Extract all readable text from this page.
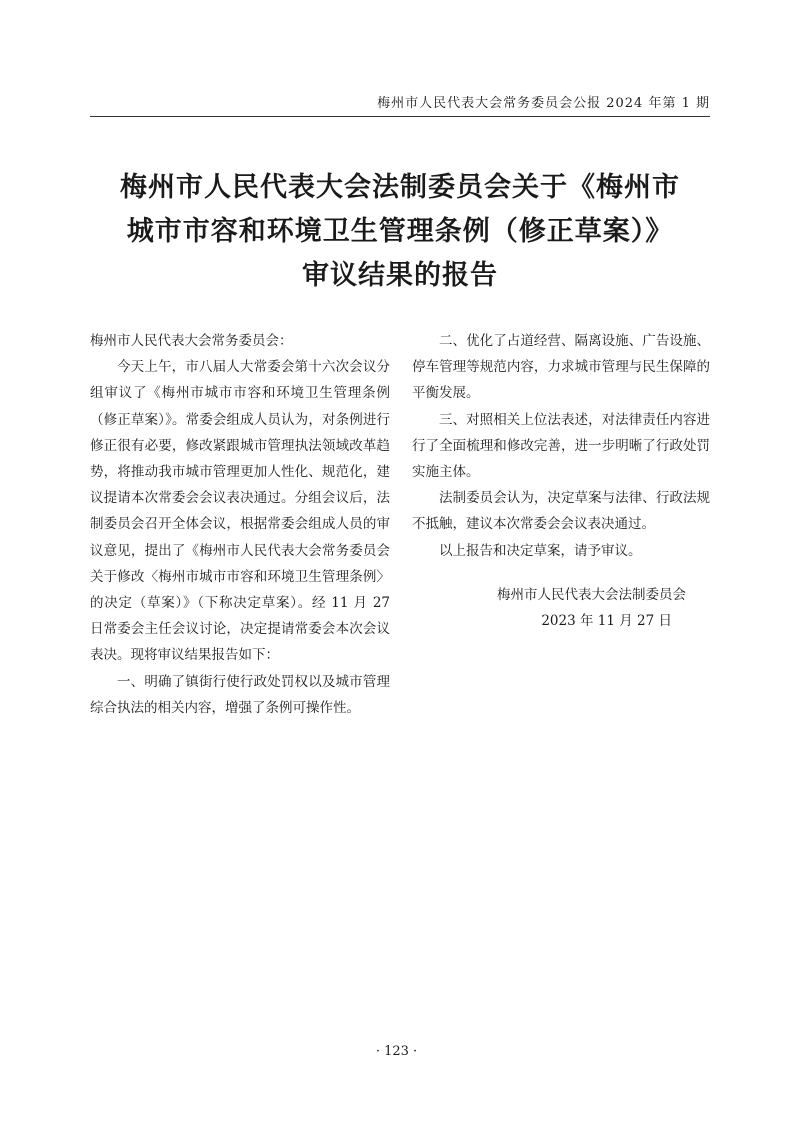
梅州市人民代表大会常务委员会公报 2024 年第 1 期
梅州市人民代表大会法制委员会关于《梅州市
城市市容和环境卫生管理条例（修正草案）》
审议结果的报告

梅州市人民代表大会常务委员会：

今天上午，市八届人大常委会第十六次会议分组审议了《梅州市城市市容和环境卫生管理条例（修正草案）》。常委会组成人员认为，对条例进行修正很有必要，修改紧跟城市管理执法领域改革趋势，将推动我市城市管理更加人性化、规范化，建议提请本次常委会会议表决通过。分组会议后，法制委员会召开全体会议，根据常委会组成人员的审议意见，提出了《梅州市人民代表大会常务委员会关于修改〈梅州市城市市容和环境卫生管理条例〉的决定（草案）》（下称决定草案）。经 11 月 27 日常委会主任会议讨论，决定提请常委会本次会议表决。现将审议结果报告如下：

一、明确了镇街行使行政处罚权以及城市管理综合执法的相关内容，增强了条例可操作性。

二、优化了占道经营、隔离设施、广告设施、停车管理等规范内容，力求城市管理与民生保障的平衡发展。

三、对照相关上位法表述，对法律责任内容进行了全面梳理和修改完善，进一步明晰了行政处罚实施主体。

法制委员会认为，决定草案与法律、行政法规不抵触，建议本次常委会会议表决通过。

以上报告和决定草案，请予审议。

梅州市人民代表大会法制委员会

2023 年 11 月 27 日

· 123 ·
